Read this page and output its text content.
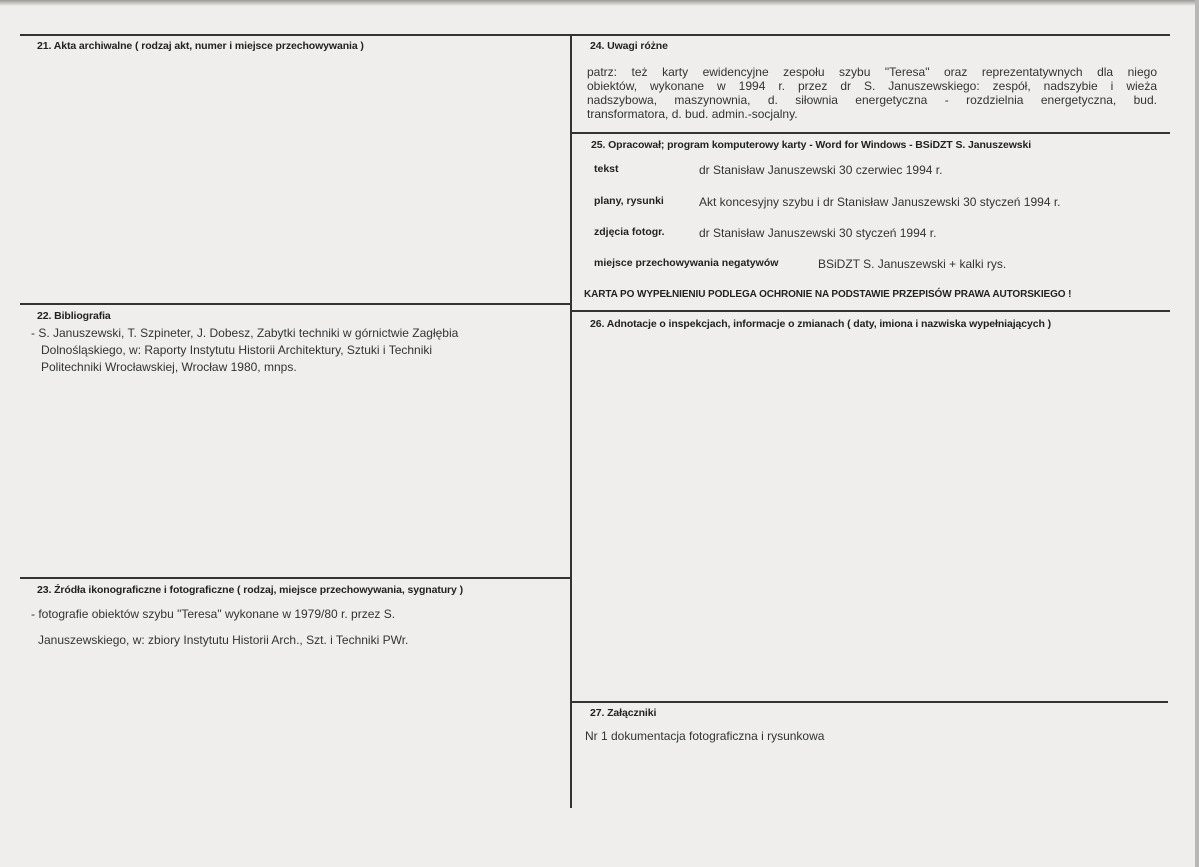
21. Akta archiwalne ( rodzaj akt, numer i miejsce przechowywania )
22. Bibliografia
- S. Januszewski, T. Szpineter, J. Dobesz, Zabytki techniki w górnictwie Zagłębia
Dolnośląskiego, w: Raporty Instytutu Historii Architektury, Sztuki i Techniki
Politechniki Wrocławskiej, Wrocław 1980, mnps.
23. Źródła ikonograficzne i fotograficzne ( rodzaj, miejsce przechowywania, sygnatury )
- fotografie obiektów szybu "Teresa" wykonane w 1979/80 r. przez S.
Januszewskiego, w: zbiory Instytutu Historii Arch., Szt. i Techniki PWr.
24. Uwagi różne
patrz: też karty ewidencyjne zespołu szybu "Teresa" oraz reprezentatywnych dla niego
obiektów, wykonane w 1994 r. przez dr S. Januszewskiego: zespół, nadszybie i wieża
nadszybowa, maszynownia, d. siłownia energetyczna - rozdzielnia energetyczna, bud.
transformatora, d. bud. admin.-socjalny.
25. Opracował; program komputerowy karty - Word for Windows - BSiDZT S. Januszewski
tekst	dr Stanisław Januszewski 30 czerwiec 1994 r.
plany, rysunki	Akt koncesyjny szybu i dr Stanisław Januszewski 30 styczeń 1994 r.
zdjęcia fotogr.	dr Stanisław Januszewski 30 styczeń 1994 r.
miejsce przechowywania negatywów	BSiDZT S. Januszewski + kalki rys.
KARTA PO WYPEŁNIENIU PODLEGA OCHRONIE NA PODSTAWIE PRZEPISÓW PRAWA AUTORSKIEGO !
26. Adnotacje o inspekcjach, informacje o zmianach ( daty, imiona i nazwiska wypełniających )
27. Załączniki
Nr 1 dokumentacja fotograficzna i rysunkowa
